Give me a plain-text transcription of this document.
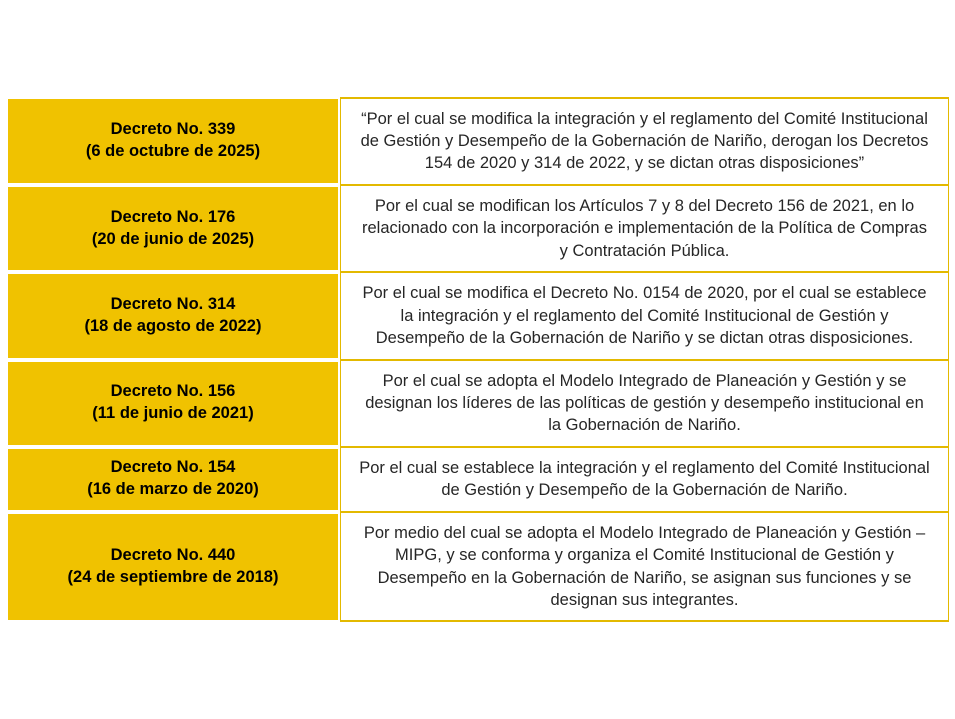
Decreto No. 339
(6 de octubre de 2025)	“Por el cual se modifica la integración y el reglamento del Comité Institucional de Gestión y Desempeño de la Gobernación de Nariño, derogan los Decretos 154 de 2020 y 314 de 2022, y se dictan otras disposiciones”

Decreto No. 176
(20 de junio de 2025)	Por el cual se modifican los Artículos 7 y 8 del Decreto 156 de 2021, en lo relacionado con la incorporación e implementación de la Política de Compras y Contratación Pública.

Decreto No. 314
(18 de agosto de 2022)	Por el cual se modifica el Decreto No. 0154 de 2020, por el cual se establece la integración y el reglamento del Comité Institucional de Gestión y Desempeño de la Gobernación de Nariño y se dictan otras disposiciones.

Decreto No. 156
(11 de junio de 2021)	Por el cual se adopta el Modelo Integrado de Planeación y Gestión y se designan los líderes de las políticas de gestión y desempeño institucional en la Gobernación de Nariño.

Decreto No. 154
(16 de marzo de 2020)	Por el cual se establece la integración y el reglamento del Comité Institucional de Gestión y Desempeño de la Gobernación de Nariño.

Decreto No. 440
(24 de septiembre de 2018)	Por medio del cual se adopta el Modelo Integrado de Planeación y Gestión – MIPG, y se conforma y organiza el Comité Institucional de Gestión y Desempeño en la Gobernación de Nariño, se asignan sus funciones y se designan sus integrantes.
